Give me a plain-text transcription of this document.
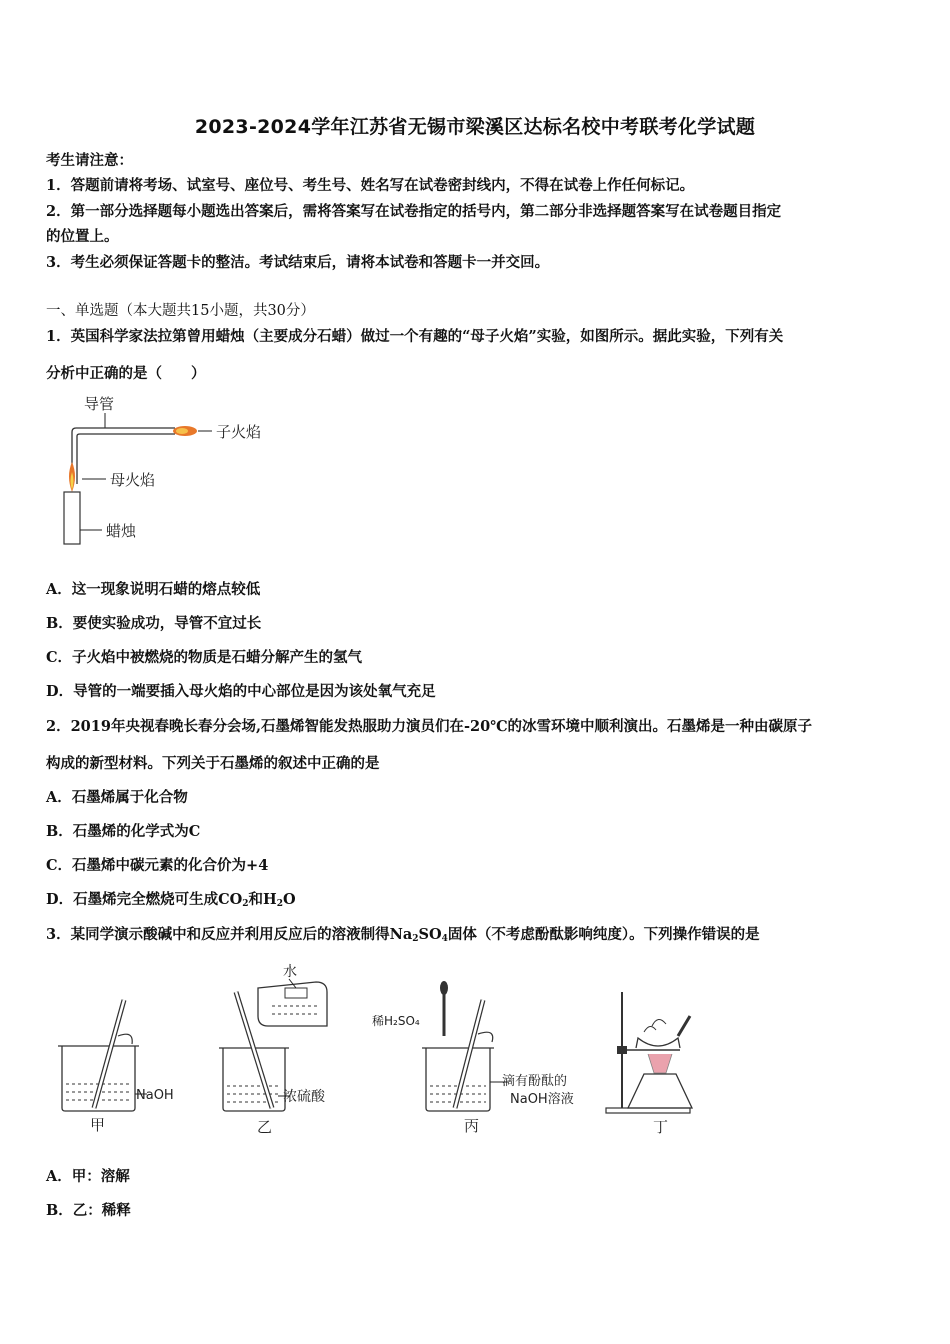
2023-2024学年江苏省无锡市梁溪区达标名校中考联考化学试题
考生请注意：
1．答题前请将考场、试室号、座位号、考生号、姓名写在试卷密封线内，不得在试卷上作任何标记。
2．第一部分选择题每小题选出答案后，需将答案写在试卷指定的括号内，第二部分非选择题答案写在试卷题目指定
的位置上。
3．考生必须保证答题卡的整洁。考试结束后，请将本试卷和答题卡一并交回。
一、单选题（本大题共15小题，共30分）
1．英国科学家法拉第曾用蜡烛（主要成分石蜡）做过一个有趣的“母子火焰”实验，如图所示。据此实验，下列有关
分析中正确的是（　　）
导管
子火焰
母火焰
蜡烛
A．这一现象说明石蜡的熔点较低
B．要使实验成功，导管不宜过长
C．子火焰中被燃烧的物质是石蜡分解产生的氢气
D．导管的一端要插入母火焰的中心部位是因为该处氧气充足
2．2019年央视春晚长春分会场,石墨烯智能发热服助力演员们在-20℃的冰雪环境中顺利演出。石墨烯是一种由碳原子
构成的新型材料。下列关于石墨烯的叙述中正确的是
A．石墨烯属于化合物
B．石墨烯的化学式为C
C．石墨烯中碳元素的化合价为+4
D．石墨烯完全燃烧可生成$CO_2$和$H_2O$
3．某同学演示酸碱中和反应并利用反应后的溶液制得$Na_2SO_4$固体（不考虑酚酞影响纯度）。下列操作错误的是
NaOH
甲
水
浓硫酸
乙
稀H₂SO₄
滴有酚酞的
NaOH溶液
丙	丁
A．甲：溶解
B．乙：稀释
